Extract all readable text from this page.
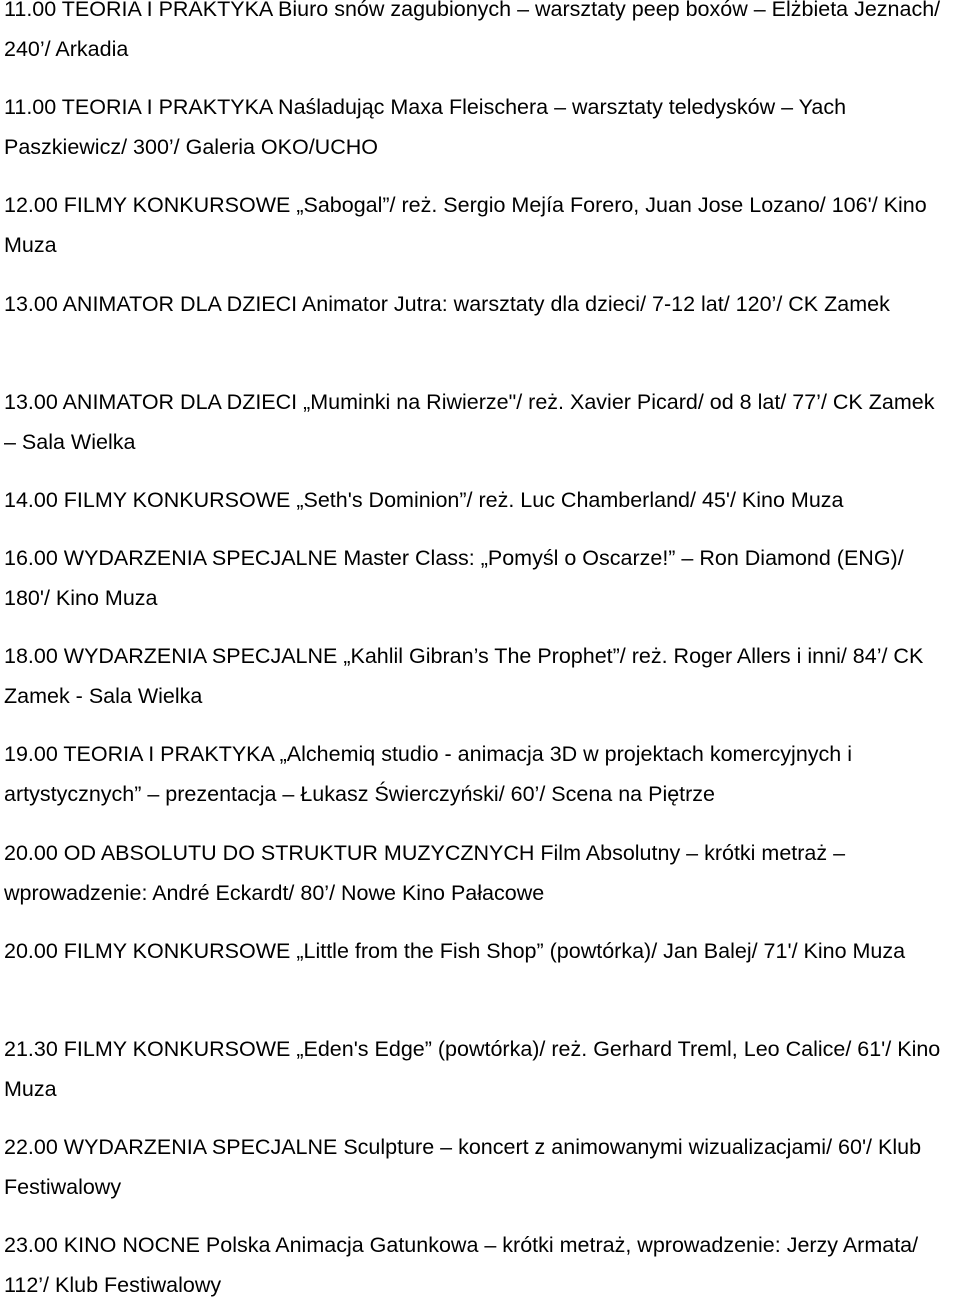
11.00 TEORIA I PRAKTYKA Biuro snów zagubionych – warsztaty peep boxów – Elżbieta Jeznach/ 240’/ Arkadia

11.00 TEORIA I PRAKTYKA Naśladując Maxa Fleischera – warsztaty teledysków – Yach Paszkiewicz/ 300’/ Galeria OKO/UCHO

12.00 FILMY KONKURSOWE „Sabogal”/ reż. Sergio Mejía Forero, Juan Jose Lozano/ 106'/ Kino Muza

13.00 ANIMATOR DLA DZIECI Animator Jutra: warsztaty dla dzieci/ 7-12 lat/ 120’/ CK Zamek

13.00 ANIMATOR DLA DZIECI „Muminki na Riwierze"/ reż. Xavier Picard/ od 8 lat/ 77’/ CK Zamek – Sala Wielka

14.00 FILMY KONKURSOWE „Seth's Dominion”/ reż. Luc Chamberland/ 45'/ Kino Muza

16.00 WYDARZENIA SPECJALNE Master Class: „Pomyśl o Oscarze!” – Ron Diamond (ENG)/ 180'/ Kino Muza

18.00 WYDARZENIA SPECJALNE „Kahlil Gibran’s The Prophet”/ reż. Roger Allers i inni/ 84’/ CK Zamek - Sala Wielka

19.00 TEORIA I PRAKTYKA „Alchemiq studio - animacja 3D w projektach komercyjnych i artystycznych” – prezentacja – Łukasz Świerczyński/ 60’/ Scena na Piętrze

20.00 OD ABSOLUTU DO STRUKTUR MUZYCZNYCH Film Absolutny – krótki metraż – wprowadzenie: André Eckardt/ 80’/ Nowe Kino Pałacowe

20.00 FILMY KONKURSOWE „Little from the Fish Shop” (powtórka)/ Jan Balej/ 71'/ Kino Muza

21.30 FILMY KONKURSOWE „Eden's Edge” (powtórka)/ reż. Gerhard Treml, Leo Calice/ 61'/ Kino Muza

22.00 WYDARZENIA SPECJALNE Sculpture – koncert z animowanymi wizualizacjami/ 60'/ Klub Festiwalowy

23.00 KINO NOCNE Polska Animacja Gatunkowa – krótki metraż, wprowadzenie: Jerzy Armata/ 112’/ Klub Festiwalowy
